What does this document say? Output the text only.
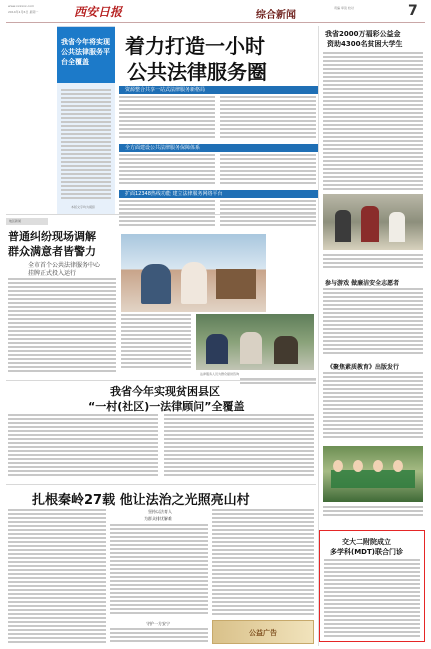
www.xxxxxx.com
2014年1月6日 星期一	西安日报	综合新闻
责编 审读 校对	7
我省今年将实现公共法律服务平台全覆盖
本版文字均为模拟
着力打造一小时
公共法律服务圈
资源整合共享一站式法律服务新格局
全方面建设公共法律服务保障体系
扩面12348热线功能 建立法律服务网络平台
地区新闻
普通纠纷现场调解
群众满意者皆警力
全市首个公共法律服务中心
挂牌正式投入运行
法律服务人员为群众提供咨询
我省今年实现贫困县区
“一村(社区)一法律顾问”全覆盖
扎根秦岭27载 他让法治之光照亮山村
坚持以法育人
为群众排忧解难
守护一方安宁
公益广告
我省2000万福彩公益金
资助4300名贫困大学生
参与游戏 做廉洁安全志愿者
《聚焦素质教育》出版发行
交大二附院成立
多学科(MDT)联合门诊
